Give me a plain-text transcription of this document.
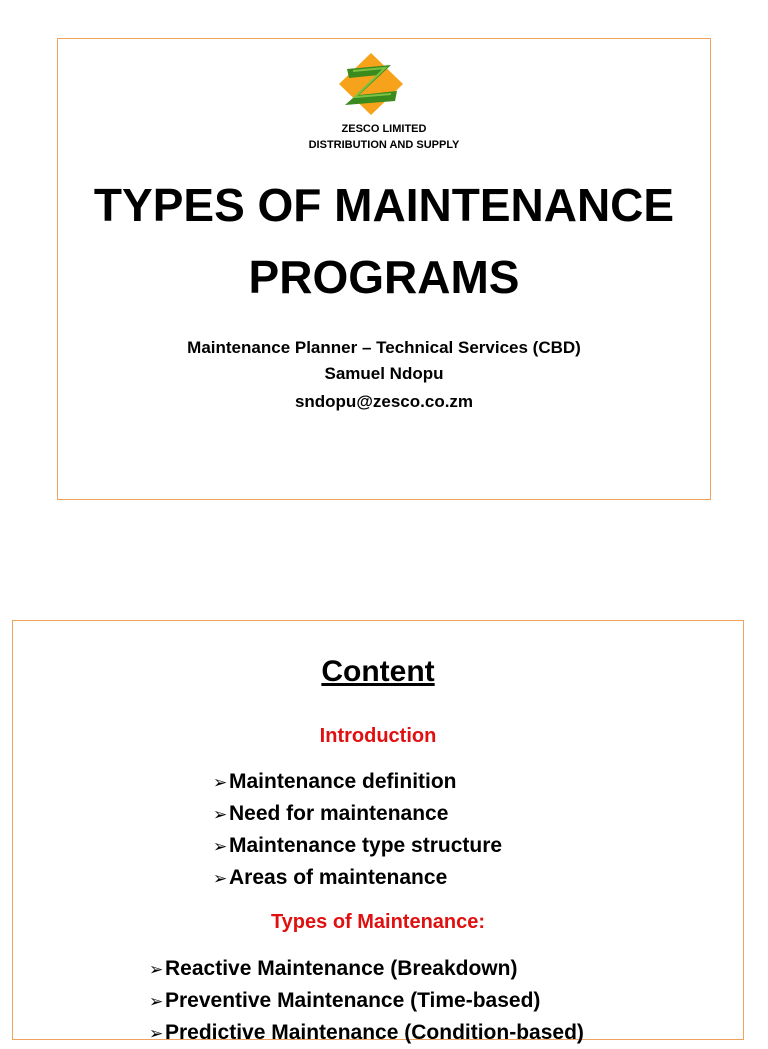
ZESCO LIMITED
DISTRIBUTION AND SUPPLY
TYPES OF MAINTENANCE
PROGRAMS
Maintenance Planner – Technical Services (CBD)
Samuel Ndopu
sndopu@zesco.co.zm
Content
Introduction
➢Maintenance definition
➢Need for maintenance
➢Maintenance type structure
➢Areas of maintenance
Types of Maintenance:
➢Reactive Maintenance (Breakdown)
➢Preventive Maintenance (Time-based)
➢Predictive Maintenance (Condition-based)
